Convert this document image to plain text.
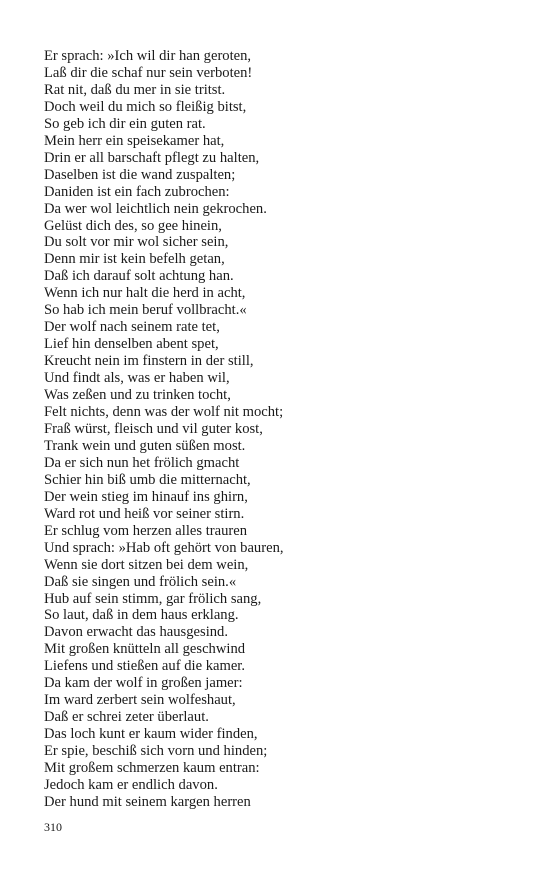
Er sprach: »Ich wil dir han geroten,
Laß dir die schaf nur sein verboten!
Rat nit, daß du mer in sie tritst.
Doch weil du mich so fleißig bitst,
So geb ich dir ein guten rat.
Mein herr ein speisekamer hat,
Drin er all barschaft pflegt zu halten,
Daselben ist die wand zuspalten;
Daniden ist ein fach zubrochen:
Da wer wol leichtlich nein gekrochen.
Gelüst dich des, so gee hinein,
Du solt vor mir wol sicher sein,
Denn mir ist kein befelh getan,
Daß ich darauf solt achtung han.
Wenn ich nur halt die herd in acht,
So hab ich mein beruf vollbracht.«
Der wolf nach seinem rate tet,
Lief hin denselben abent spet,
Kreucht nein im finstern in der still,
Und findt als, was er haben wil,
Was zeßen und zu trinken tocht,
Felt nichts, denn was der wolf nit mocht;
Fraß würst, fleisch und vil guter kost,
Trank wein und guten süßen most.
Da er sich nun het frölich gmacht
Schier hin biß umb die mitternacht,
Der wein stieg im hinauf ins ghirn,
Ward rot und heiß vor seiner stirn.
Er schlug vom herzen alles trauren
Und sprach: »Hab oft gehört von bauren,
Wenn sie dort sitzen bei dem wein,
Daß sie singen und frölich sein.«
Hub auf sein stimm, gar frölich sang,
So laut, daß in dem haus erklang.
Davon erwacht das hausgesind.
Mit großen knütteln all geschwind
Liefens und stießen auf die kamer.
Da kam der wolf in großen jamer:
Im ward zerbert sein wolfeshaut,
Daß er schrei zeter überlaut.
Das loch kunt er kaum wider finden,
Er spie, beschiß sich vorn und hinden;
Mit großem schmerzen kaum entran:
Jedoch kam er endlich davon.
Der hund mit seinem kargen herren
310
